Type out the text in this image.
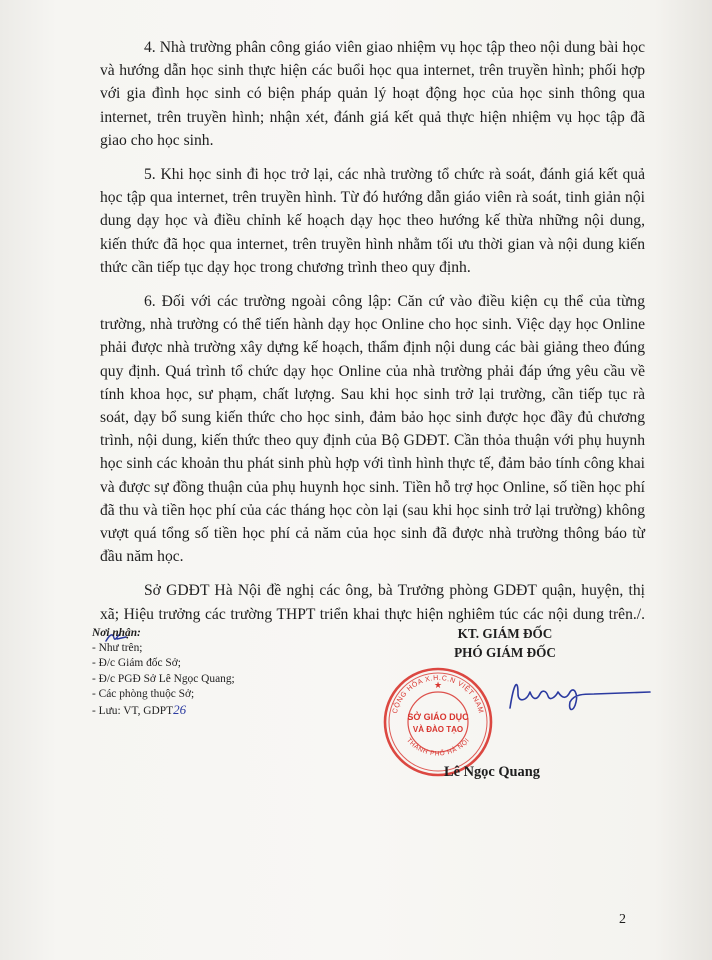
4. Nhà trường phân công giáo viên giao nhiệm vụ học tập theo nội dung bài học và hướng dẫn học sinh thực hiện các buổi học qua internet, trên truyền hình; phối hợp với gia đình học sinh có biện pháp quản lý hoạt động học của học sinh thông qua internet, trên truyền hình; nhận xét, đánh giá kết quả thực hiện nhiệm vụ học tập đã giao cho học sinh.

5. Khi học sinh đi học trở lại, các nhà trường tổ chức rà soát, đánh giá kết quả học tập qua internet, trên truyền hình. Từ đó hướng dẫn giáo viên rà soát, tinh giản nội dung dạy học và điều chỉnh kế hoạch dạy học theo hướng kế thừa những nội dung, kiến thức đã học qua internet, trên truyền hình nhằm tối ưu thời gian và nội dung kiến thức cần tiếp tục dạy học trong chương trình theo quy định.

6. Đối với các trường ngoài công lập: Căn cứ vào điều kiện cụ thể của từng trường, nhà trường có thể tiến hành dạy học Online cho học sinh. Việc dạy học Online phải được nhà trường xây dựng kế hoạch, thẩm định nội dung các bài giảng theo đúng quy định. Quá trình tổ chức dạy học Online của nhà trường phải đáp ứng yêu cầu về tính khoa học, sư phạm, chất lượng. Sau khi học sinh trở lại trường, cần tiếp tục rà soát, dạy bổ sung kiến thức cho học sinh, đảm bảo học sinh được học đầy đủ chương trình, nội dung, kiến thức theo quy định của Bộ GDĐT. Cần thỏa thuận với phụ huynh học sinh các khoản thu phát sinh phù hợp với tình hình thực tế, đảm bảo tính công khai và được sự đồng thuận của phụ huynh học sinh. Tiền hỗ trợ học Online, số tiền học phí đã thu và tiền học phí của các tháng học còn lại (sau khi học sinh trở lại trường) không vượt quá tổng số tiền học phí cả năm của học sinh đã được nhà trường thông báo từ đầu năm học.

Sở GDĐT Hà Nội đề nghị các ông, bà Trưởng phòng GDĐT quận, huyện, thị xã; Hiệu trưởng các trường THPT triển khai thực hiện nghiêm túc các nội dung trên./.

Nơi nhận:
- Như trên;
- Đ/c Giám đốc Sở;
- Đ/c PGĐ Sở Lê Ngọc Quang;
- Các phòng thuộc Sở;
- Lưu: VT, GDPT26
KT. GIÁM ĐỐC
PHÓ GIÁM ĐỐC
CỘNG HÒA X.H.C.N VIỆT NAM
THÀNH PHỐ HÀ NỘI
SỞ GIÁO DỤC
VÀ ĐÀO TẠO
★
Lê Ngọc Quang
2
